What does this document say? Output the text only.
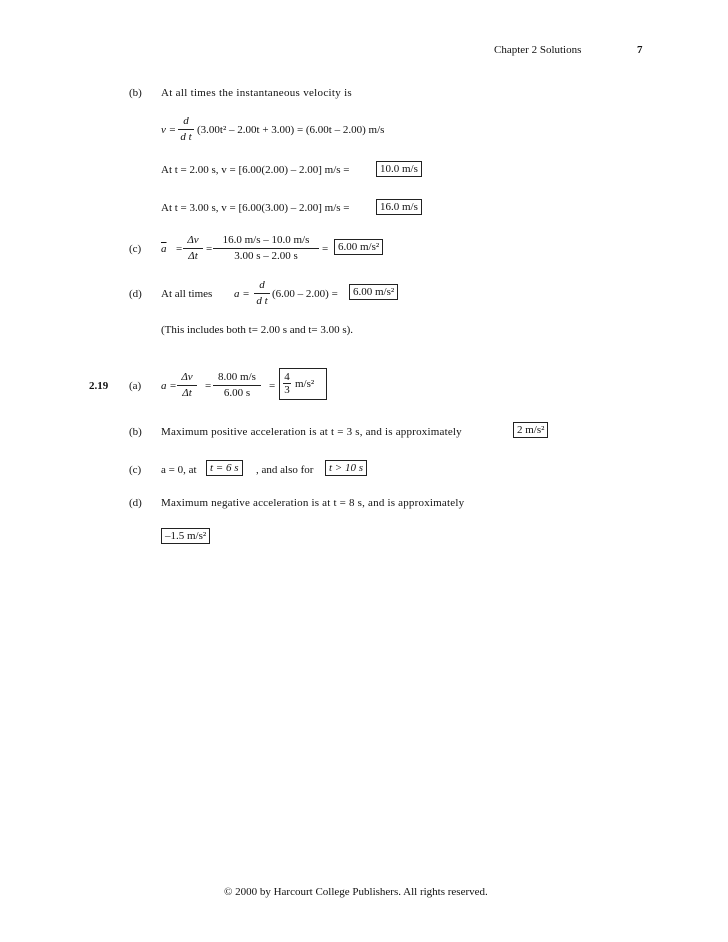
Chapter 2 Solutions	7
(b) At all times the instantaneous velocity is
$v = \frac{d}{\text{d t}} (3.00t^2 - 2.00t + 3.00) = (6.00t - 2.00)$ m/s
At t = 2.00 s, v = [6.00(2.00) – 2.00] m/s =	10.0 m/s
At t = 3.00 s, v = [6.00(3.00) – 2.00] m/s =	16.0 m/s
(c) $\overline{a} = \frac{\Delta v}{\Delta t} = \frac{16.0 m/s - 10.0 m/s}{3.00 s - 2.00 s} = 6.00$ m/s²
(d) At all times $a = \frac{d}{\text{d t}} (6.00 - 2.00)$ =	6.00 m/s²
(This includes both t= 2.00 s and t= 3.00 s).
2.19 (a) $a = \frac{\Delta v}{\Delta t} = \frac{8.00 m/s}{6.00 s} = \frac{4}{3} m/s^2$
(b) Maximum positive acceleration is at t = 3 s, and is approximately	2 m/s²
(c) a = 0, at	t = 6 s	, and also for	t > 10 s
(d) Maximum negative acceleration is at t = 8 s, and is approximately
–1.5 m/s²
© 2000 by Harcourt College Publishers. All rights reserved.
